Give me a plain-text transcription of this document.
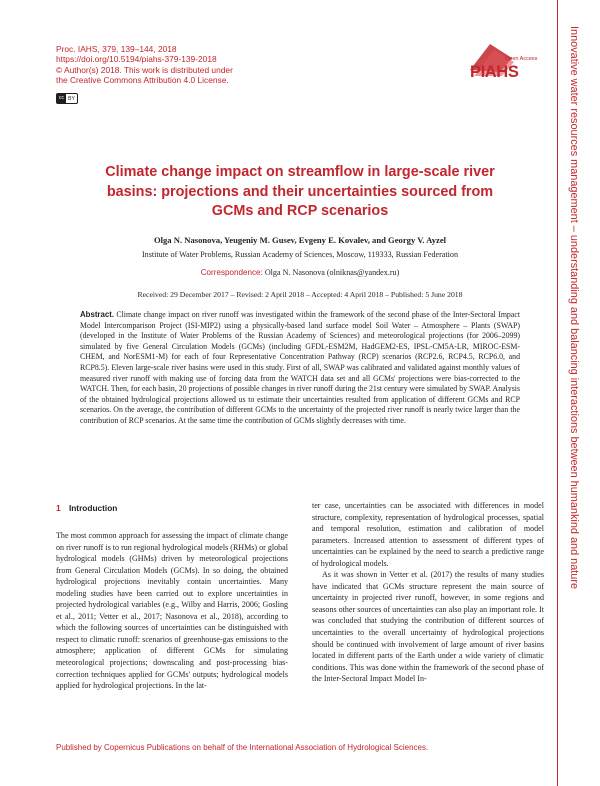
Proc. IAHS, 379, 139–144, 2018
https://doi.org/10.5194/piahs-379-139-2018
© Author(s) 2018. This work is distributed under
the Creative Commons Attribution 4.0 License.
cc BY
Open Access
PIAHS	Innovative water resources management – understanding and balancing interactions between humankind and nature
Climate change impact on streamflow in large-scale river basins: projections and their uncertainties sourced from GCMs and RCP scenarios
Olga N. Nasonova, Yeugeniy M. Gusev, Evgeny E. Kovalev, and Georgy V. Ayzel
Institute of Water Problems, Russian Academy of Sciences, Moscow, 119333, Russian Federation
Correspondence: Olga N. Nasonova (olniknas@yandex.ru)
Received: 29 December 2017 – Revised: 2 April 2018 – Accepted: 4 April 2018 – Published: 5 June 2018
Abstract. Climate change impact on river runoff was investigated within the framework of the second phase of the Inter-Sectoral Impact Model Intercomparison Project (ISI-MIP2) using a physically-based land surface model Soil Water – Atmosphere – Plants (SWAP) (developed in the Institute of Water Problems of the Russian Academy of Sciences) and meteorological projections (for 2006–2099) simulated by five General Circulation Models (GCMs) (including GFDL-ESM2M, HadGEM2-ES, IPSL-CM5A-LR, MIROC-ESM-CHEM, and NorESM1-M) for each of four Representative Concentration Pathway (RCP) scenarios (RCP2.6, RCP4.5, RCP6.0, and RCP8.5). Eleven large-scale river basins were used in this study. First of all, SWAP was calibrated and validated against monthly values of measured river runoff with making use of forcing data from the WATCH data set and all GCMs' projections were bias-corrected to the WATCH. Then, for each basin, 20 projections of possible changes in river runoff during the 21st century were simulated by SWAP. Analysis of the obtained hydrological projections allowed us to estimate their uncertainties resulted from application of different GCMs and RCP scenarios. On the average, the contribution of different GCMs to the uncertainty of the projected river runoff is nearly twice larger than the contribution of RCP scenarios. At the same time the contribution of GCMs slightly decreases with time.
1 Introduction

The most common approach for assessing the impact of climate change on river runoff is to run regional hydrological models (RHMs) or global hydrological models (GHMs) driven by meteorological projections from General Circulation Models (GCMs). In so doing, the obtained hydrological projections inevitably contain uncertainties. Many modeling studies have been carried out to explore uncertainties in projected hydrological variables (e.g., Wilby and Harris, 2006; Gosling et al., 2011; Vetter et al., 2017; Nasonova et al., 2018), according to which the following sources of uncertainties can be distinguished with respect to climatic runoff: scenarios of greenhouse-gas emissions to the atmosphere; application of different GCMs for simulating meteorological projections; downscaling and post-processing bias-correction techniques applied for GCMs' outputs; hydrological models applied for hydrological projections. In the lat-

ter case, uncertainties can be associated with differences in model structure, complexity, representation of hydrological processes, spatial and temporal resolution, estimation and calibration of model parameters. Increased attention to assessment of different types of uncertainties can be explained by the need to search a predictive range of hydrological models.

As it was shown in Vetter et al. (2017) the results of many studies have indicated that GCMs structure represent the main source of uncertainty in projected river runoff, however, in some regions and seasons other sources of uncertainties can also play an important role. It was concluded that studying the contribution of different sources of uncertainties to the overall uncertainty of hydrological projections should be continued with involvement of large amount of river basins located in different parts of the Earth under a wide variety of climatic conditions. This was done within the framework of the second phase of the Inter-Sectoral Impact Model In-

Published by Copernicus Publications on behalf of the International Association of Hydrological Sciences.
